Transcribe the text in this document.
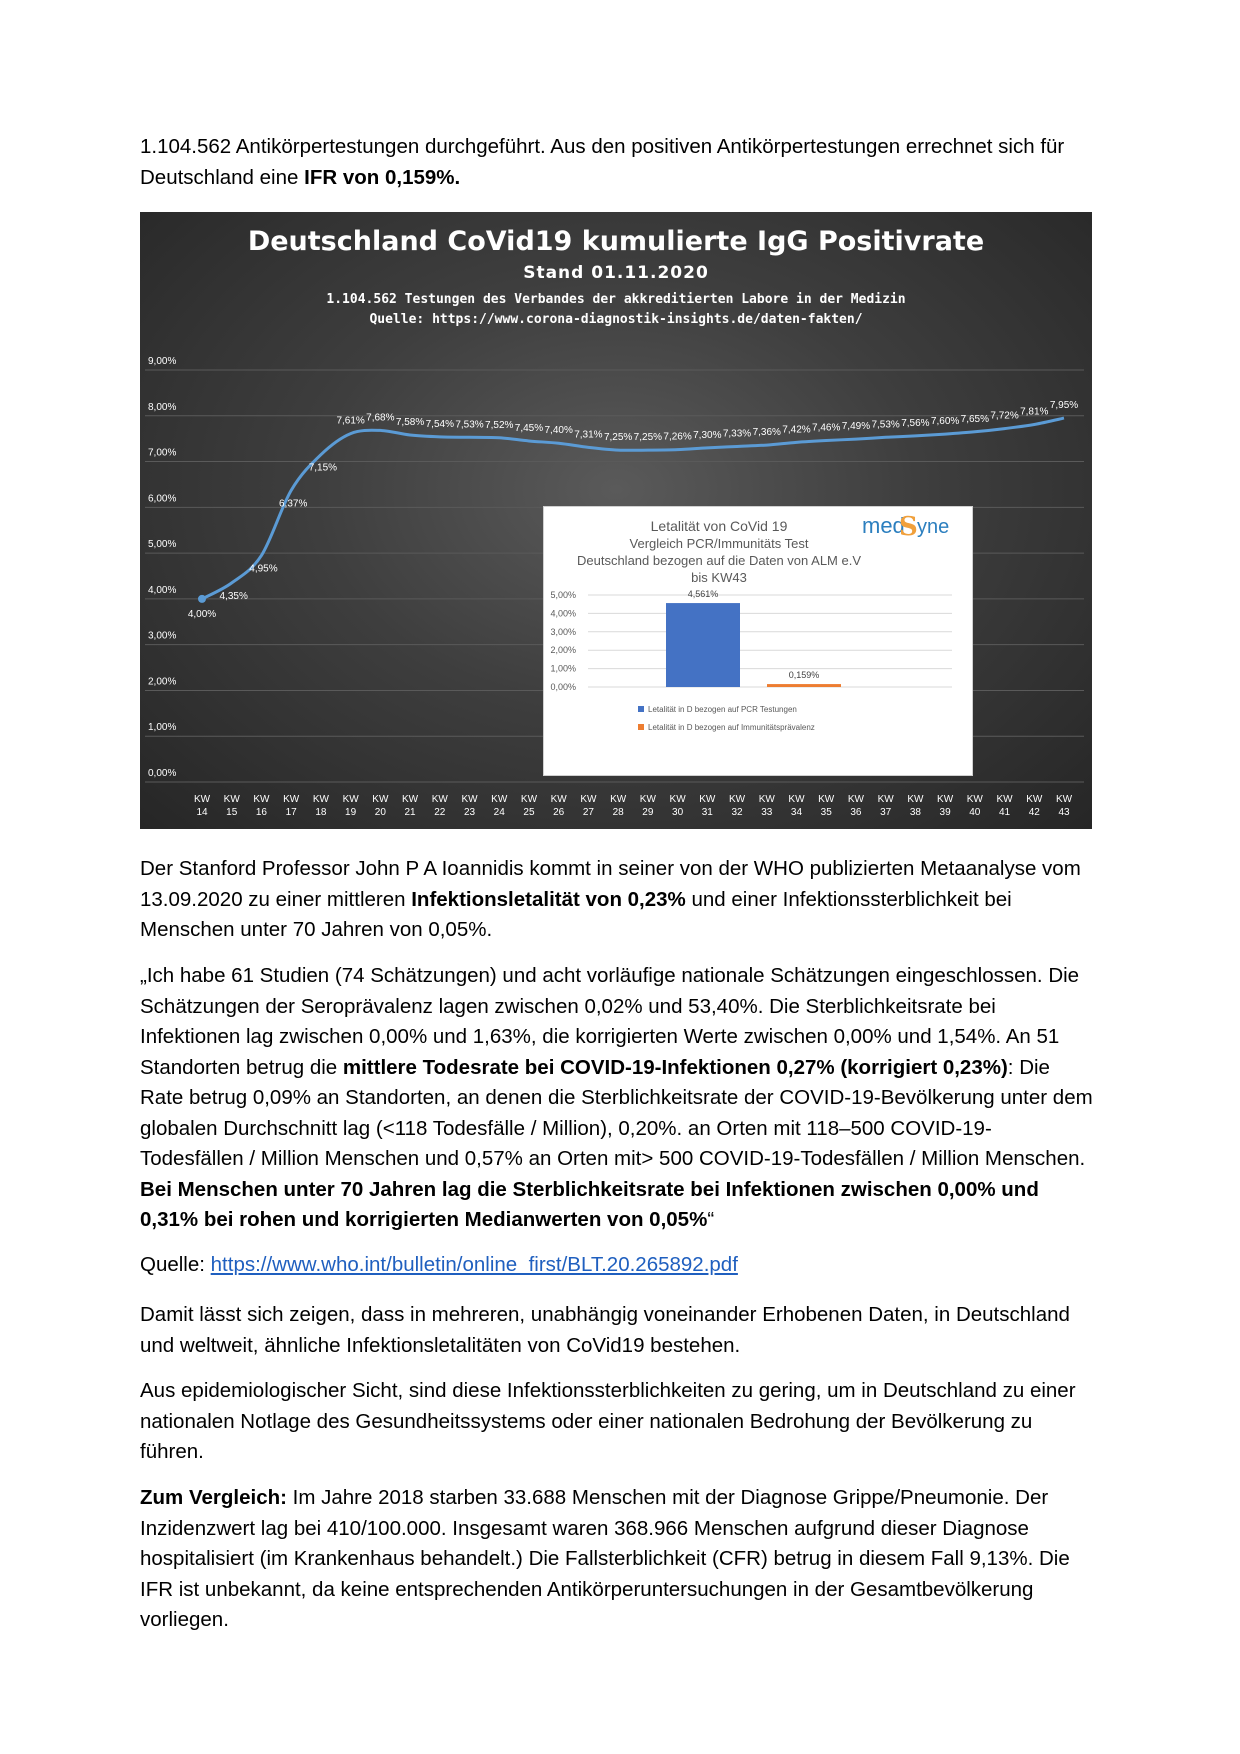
1.104.562 Antikörpertestungen durchgeführt. Aus den positiven Antikörpertestungen errechnet sich für Deutschland eine IFR von 0,159%.

Deutschland CoVid19 kumulierte IgG Positivrate
Stand 01.11.2020
1.104.562 Testungen des Verbandes der akkreditierten Labore in der Medizin
Quelle: https://www.corona-diagnostik-insights.de/daten-fakten/
0,00%
1,00%
2,00%
3,00%
4,00%
5,00%
6,00%
7,00%
8,00%
9,00%
KW 14
KW 15
KW 16
KW 17
KW 18
KW 19
KW 20
KW 21
KW 22
KW 23
KW 24
KW 25
KW 26
KW 27
KW 28
KW 29
KW 30
KW 31
KW 32
KW 33
KW 34
KW 35
KW 36
KW 37
KW 38
KW 39
KW 40
KW 41
KW 42
KW 43
4,00%
4,35%
4,95%
6,37%
7,15%
7,61% 7,68% 7,58% 7,54% 7,53% 7,52% 7,45% 7,40% 7,31% 7,25% 7,25% 7,26% 7,30% 7,33% 7,36% 7,42% 7,46% 7,49% 7,53% 7,56% 7,60% 7,65% 7,72% 7,81%
7,95%
Letalität von CoVid 19
Vergleich PCR/Immunitäts Test
Deutschland bezogen auf die Daten von ALM e.V
bis KW43
med
S yne
0,00%
1,00%
2,00%
3,00%
4,00%
5,00%	4,561%
0,159%
Letalität in D bezogen auf PCR Testungen
Letalität in D bezogen auf Immunitätsprävalenz

Der Stanford Professor John P A Ioannidis kommt in seiner von der WHO publizierten Metaanalyse vom 13.09.2020 zu einer mittleren Infektionsletalität von 0,23% und einer Infektionssterblichkeit bei Menschen unter 70 Jahren von 0,05%.

„Ich habe 61 Studien (74 Schätzungen) und acht vorläufige nationale Schätzungen eingeschlossen. Die Schätzungen der Seroprävalenz lagen zwischen 0,02% und 53,40%. Die Sterblichkeitsrate bei Infektionen lag zwischen 0,00% und 1,63%, die korrigierten Werte zwischen 0,00% und 1,54%. An 51 Standorten betrug die mittlere Todesrate bei COVID-19-Infektionen 0,27% (korrigiert 0,23%): Die Rate betrug 0,09% an Standorten, an denen die Sterblichkeitsrate der COVID-19-Bevölkerung unter dem globalen Durchschnitt lag (<118 Todesfälle / Million), 0,20%. an Orten mit 118–500 COVID-19-Todesfällen / Million Menschen und 0,57% an Orten mit> 500 COVID-19-Todesfällen / Million Menschen. Bei Menschen unter 70 Jahren lag die Sterblichkeitsrate bei Infektionen zwischen 0,00% und 0,31% bei rohen und korrigierten Medianwerten von 0,05%“

Quelle: https://www.who.int/bulletin/online_first/BLT.20.265892.pdf

Damit lässt sich zeigen, dass in mehreren, unabhängig voneinander Erhobenen Daten, in Deutschland und weltweit, ähnliche Infektionsletalitäten von CoVid19 bestehen.

Aus epidemiologischer Sicht, sind diese Infektionssterblichkeiten zu gering, um in Deutschland zu einer nationalen Notlage des Gesundheitssystems oder einer nationalen Bedrohung der Bevölkerung zu führen.

Zum Vergleich: Im Jahre 2018 starben 33.688 Menschen mit der Diagnose Grippe/Pneumonie. Der Inzidenzwert lag bei 410/100.000. Insgesamt waren 368.966 Menschen aufgrund dieser Diagnose hospitalisiert (im Krankenhaus behandelt.) Die Fallsterblichkeit (CFR) betrug in diesem Fall 9,13%. Die IFR ist unbekannt, da keine entsprechenden Antikörperuntersuchungen in der Gesamtbevölkerung vorliegen.
